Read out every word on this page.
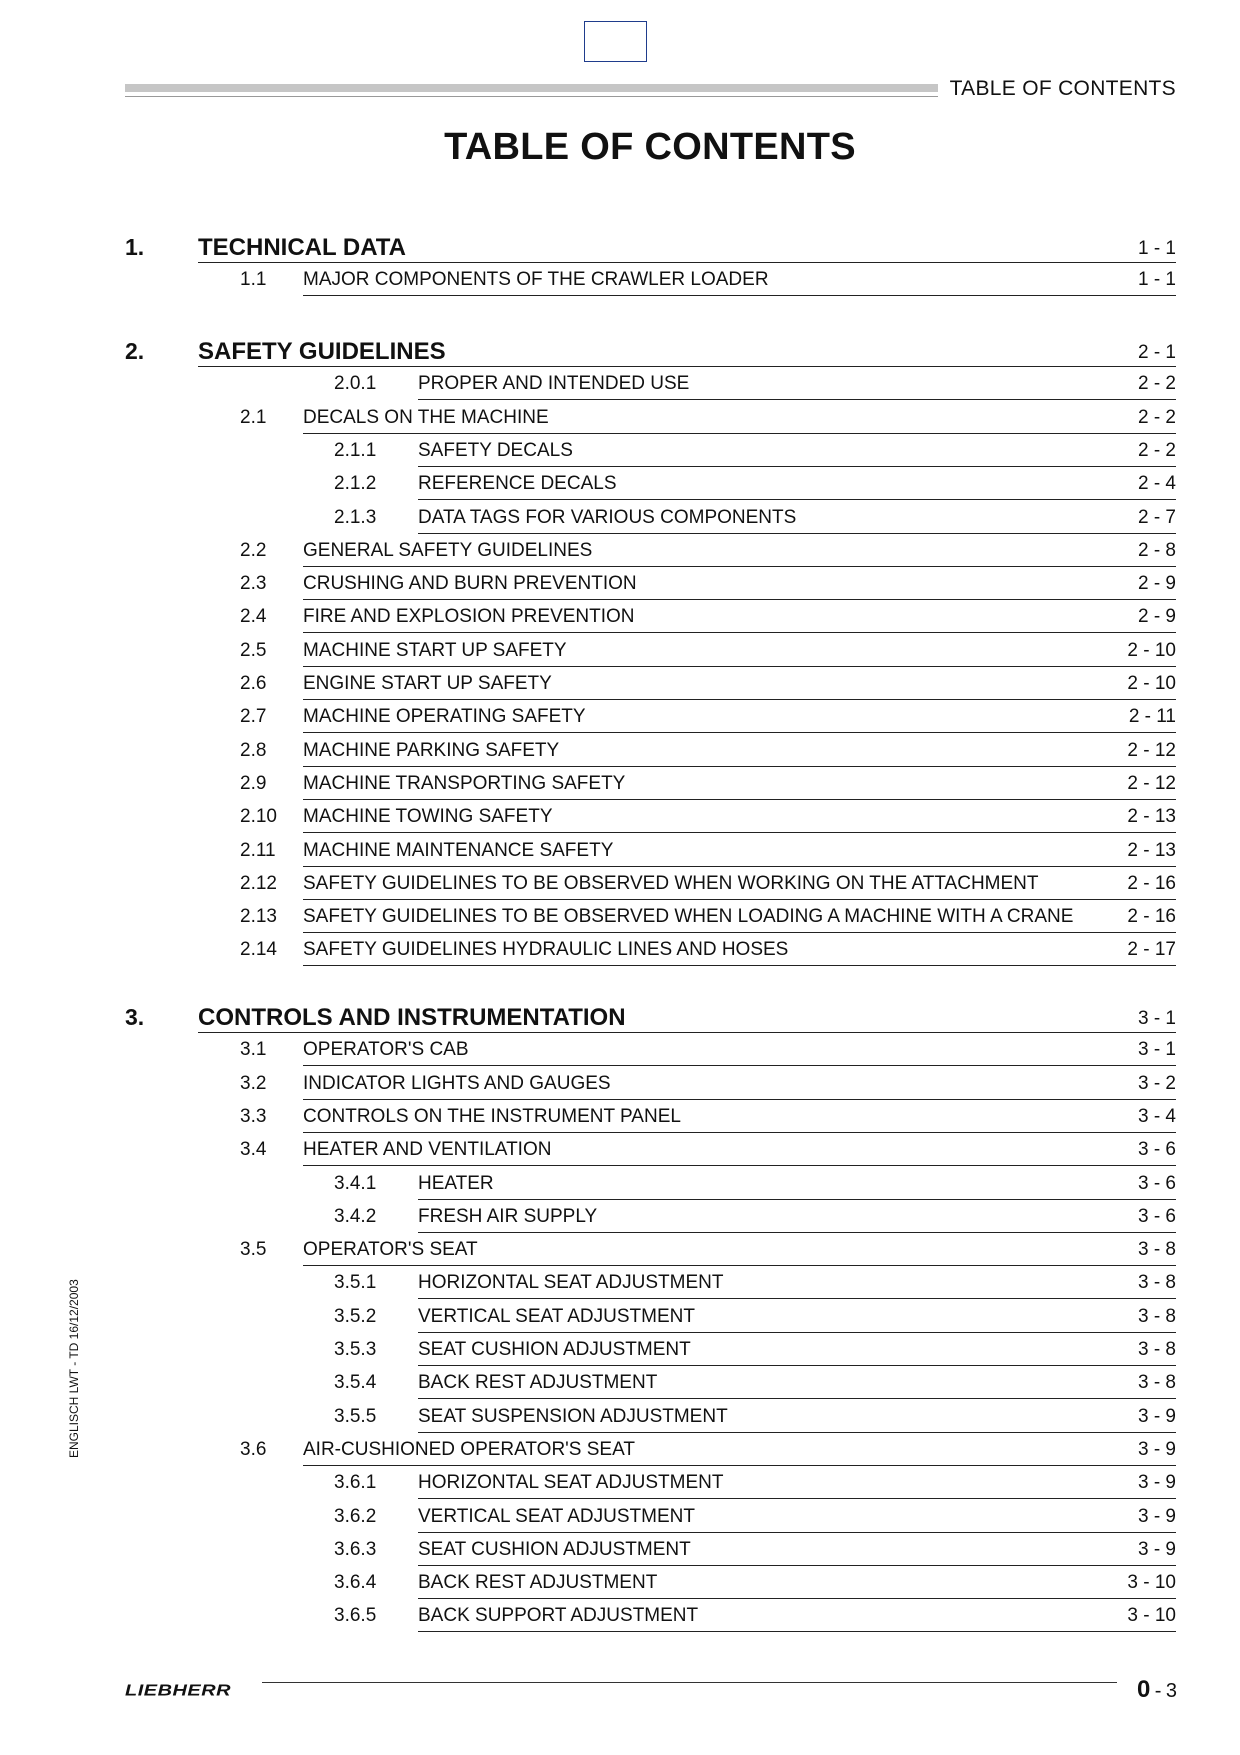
TABLE OF CONTENTS
TABLE OF CONTENTS
1. TECHNICAL DATA	1 - 1
1.1 MAJOR COMPONENTS OF THE CRAWLER LOADER	1 - 1
2. SAFETY GUIDELINES	2 - 1
2.0.1 PROPER AND INTENDED USE	2 - 2
2.1 DECALS ON THE MACHINE	2 - 2
2.1.1 SAFETY DECALS	2 - 2
2.1.2 REFERENCE DECALS	2 - 4
2.1.3 DATA TAGS FOR VARIOUS COMPONENTS	2 - 7
2.2 GENERAL SAFETY GUIDELINES	2 - 8
2.3 CRUSHING AND BURN PREVENTION	2 - 9
2.4 FIRE AND EXPLOSION PREVENTION	2 - 9
2.5 MACHINE START UP SAFETY	2 - 10
2.6 ENGINE START UP SAFETY	2 - 10
2.7 MACHINE OPERATING SAFETY	2 - 11
2.8 MACHINE PARKING SAFETY	2 - 12
2.9 MACHINE TRANSPORTING SAFETY	2 - 12
2.10 MACHINE TOWING SAFETY	2 - 13
2.11 MACHINE MAINTENANCE SAFETY	2 - 13
2.12 SAFETY GUIDELINES TO BE OBSERVED WHEN WORKING ON THE ATTACHMENT	2 - 16
2.13 SAFETY GUIDELINES TO BE OBSERVED WHEN LOADING A MACHINE WITH A CRANE	2 - 16
2.14 SAFETY GUIDELINES HYDRAULIC LINES AND HOSES	2 - 17
3. CONTROLS AND INSTRUMENTATION	3 - 1
3.1 OPERATOR'S CAB	3 - 1
3.2 INDICATOR LIGHTS AND GAUGES	3 - 2
3.3 CONTROLS ON THE INSTRUMENT PANEL	3 - 4
3.4 HEATER AND VENTILATION	3 - 6
3.4.1 HEATER	3 - 6
3.4.2 FRESH AIR SUPPLY	3 - 6
3.5 OPERATOR'S SEAT	3 - 8
3.5.1 HORIZONTAL SEAT ADJUSTMENT	3 - 8
3.5.2 VERTICAL SEAT ADJUSTMENT	3 - 8
3.5.3 SEAT CUSHION ADJUSTMENT	3 - 8
3.5.4 BACK REST ADJUSTMENT	3 - 8
3.5.5 SEAT SUSPENSION ADJUSTMENT	3 - 9
3.6 AIR-CUSHIONED OPERATOR'S SEAT	3 - 9
3.6.1 HORIZONTAL SEAT ADJUSTMENT	3 - 9
3.6.2 VERTICAL SEAT ADJUSTMENT	3 - 9
3.6.3 SEAT CUSHION ADJUSTMENT	3 - 9
3.6.4 BACK REST ADJUSTMENT	3 - 10
3.6.5 BACK SUPPORT ADJUSTMENT	3 - 10
ENGLISCH LWT - TD 16/12/2003
LIEBHERR	0 - 3
